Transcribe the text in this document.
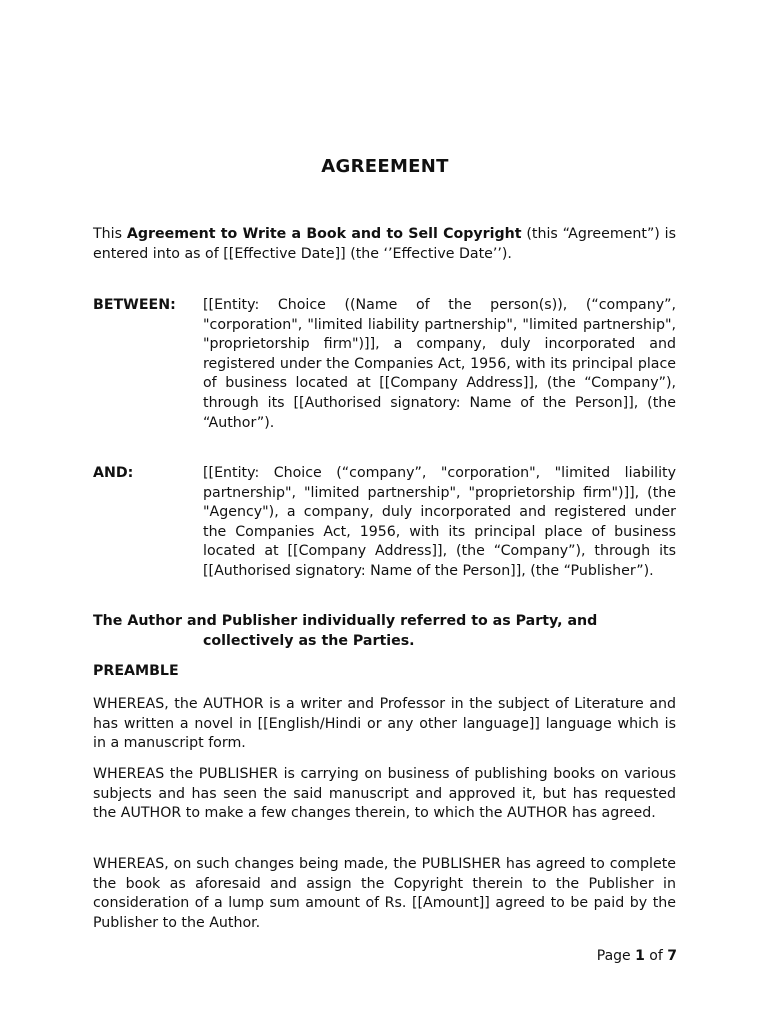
AGREEMENT
This Agreement to Write a Book and to Sell Copyright (this “Agreement”) is entered into as of [[Effective Date]] (the ‘’Effective Date’’).
BETWEEN: [[Entity: Choice ((Name of the person(s)), (“company”, "corporation", "limited liability partnership", "limited partnership", "proprietorship firm")]], a company, duly incorporated and registered under the Companies Act, 1956, with its principal place of business located at [[Company Address]], (the “Company”), through its [[Authorised signatory: Name of the Person]], (the “Author”).
AND:	[[Entity: Choice (“company”, "corporation", "limited liability partnership", "limited partnership", "proprietorship firm")]], (the "Agency"), a company, duly incorporated and registered under the Companies Act, 1956, with its principal place of business located at [[Company Address]], (the “Company”), through its [[Authorised signatory: Name of the Person]], (the “Publisher”).
The Author and Publisher individually referred to as Party, and
collectively as the Parties.
PREAMBLE
WHEREAS, the AUTHOR is a writer and Professor in the subject of Literature and has written a novel in [[English/Hindi or any other language]] language which is in a manuscript form.
WHEREAS the PUBLISHER is carrying on business of publishing books on various subjects and has seen the said manuscript and approved it, but has requested the AUTHOR to make a few changes therein, to which the AUTHOR has agreed.
WHEREAS, on such changes being made, the PUBLISHER has agreed to complete the book as aforesaid and assign the Copyright therein to the Publisher in consideration of a lump sum amount of Rs. [[Amount]] agreed to be paid by the Publisher to the Author.
Page 1 of 7
